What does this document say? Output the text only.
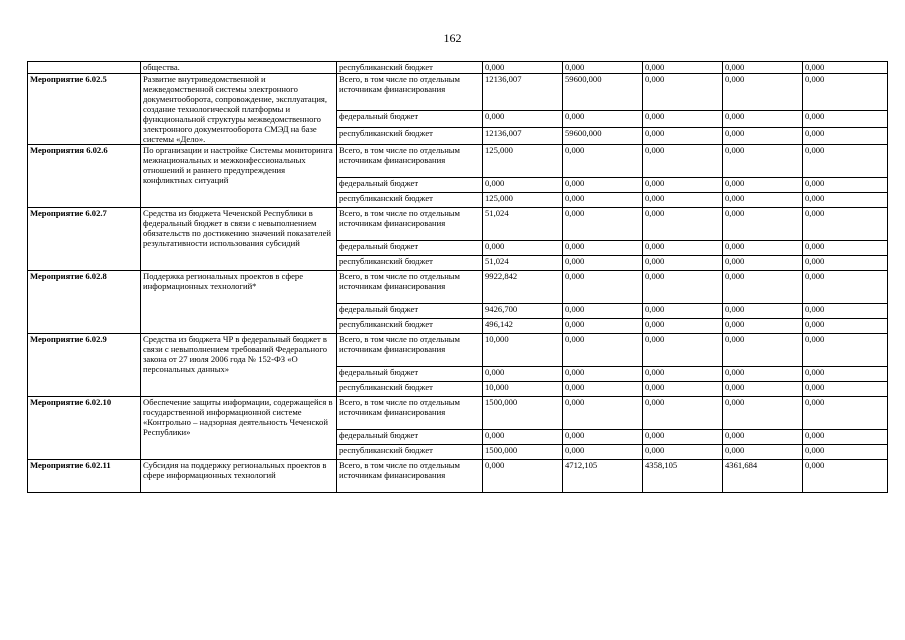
162
	общества.	республиканский бюджет	0,000	0,000	0,000	0,000	0,000
Мероприятие 6.02.5	Развитие внутриведомственной и межведомственной системы электронного документооборота, сопровождение, эксплуатация, создание технологической платформы и функциональной структуры межведомственного электронного документооборота СМЭД на базе системы «Дело».	Всего, в том числе по отдельным источникам финансирования	12136,007	59600,000	0,000	0,000	0,000
		федеральный бюджет	0,000	0,000	0,000	0,000	0,000
		республиканский бюджет	12136,007	59600,000	0,000	0,000	0,000
Мероприятия 6.02.6	По организации и настройке Системы мониторинга межнациональных и межконфессиональных отношений и раннего предупреждения конфликтных ситуаций	Всего, в том числе по отдельным источникам финансирования	125,000	0,000	0,000	0,000	0,000
		федеральный бюджет	0,000	0,000	0,000	0,000	0,000
		республиканский бюджет	125,000	0,000	0,000	0,000	0,000
Мероприятие 6.02.7	Средства из бюджета Чеченской Республики в федеральный бюджет в связи с невыполнением обязательств по достижению значений показателей результативности использования субсидий	Всего, в том числе по отдельным источникам финансирования	51,024	0,000	0,000	0,000	0,000
		федеральный бюджет	0,000	0,000	0,000	0,000	0,000
		республиканский бюджет	51,024	0,000	0,000	0,000	0,000
Мероприятие 6.02.8	Поддержка региональных проектов в сфере информационных технологий*	Всего, в том числе по отдельным источникам финансирования	9922,842	0,000	0,000	0,000	0,000
		федеральный бюджет	9426,700	0,000	0,000	0,000	0,000
		республиканский бюджет	496,142	0,000	0,000	0,000	0,000
Мероприятие 6.02.9	Средства из бюджета ЧР в федеральный бюджет в связи с невыполнением требований Федерального закона от 27 июля 2006 года № 152-ФЗ «О персональных данных»	Всего, в том числе по отдельным источникам финансирования	10,000	0,000	0,000	0,000	0,000
		федеральный бюджет	0,000	0,000	0,000	0,000	0,000
		республиканский бюджет	10,000	0,000	0,000	0,000	0,000
Мероприятие 6.02.10	Обеспечение защиты информации, содержащейся в государственной информационной системе «Контрольно – надзорная деятельность Чеченской Республики»	Всего, в том числе по отдельным источникам финансирования	1500,000	0,000	0,000	0,000	0,000
		федеральный бюджет	0,000	0,000	0,000	0,000	0,000
		республиканский бюджет	1500,000	0,000	0,000	0,000	0,000
Мероприятие 6.02.11	Субсидия на поддержку региональных проектов в сфере информационных технологий	Всего, в том числе по отдельным источникам финансирования	0,000	4712,105	4358,105	4361,684	0,000
